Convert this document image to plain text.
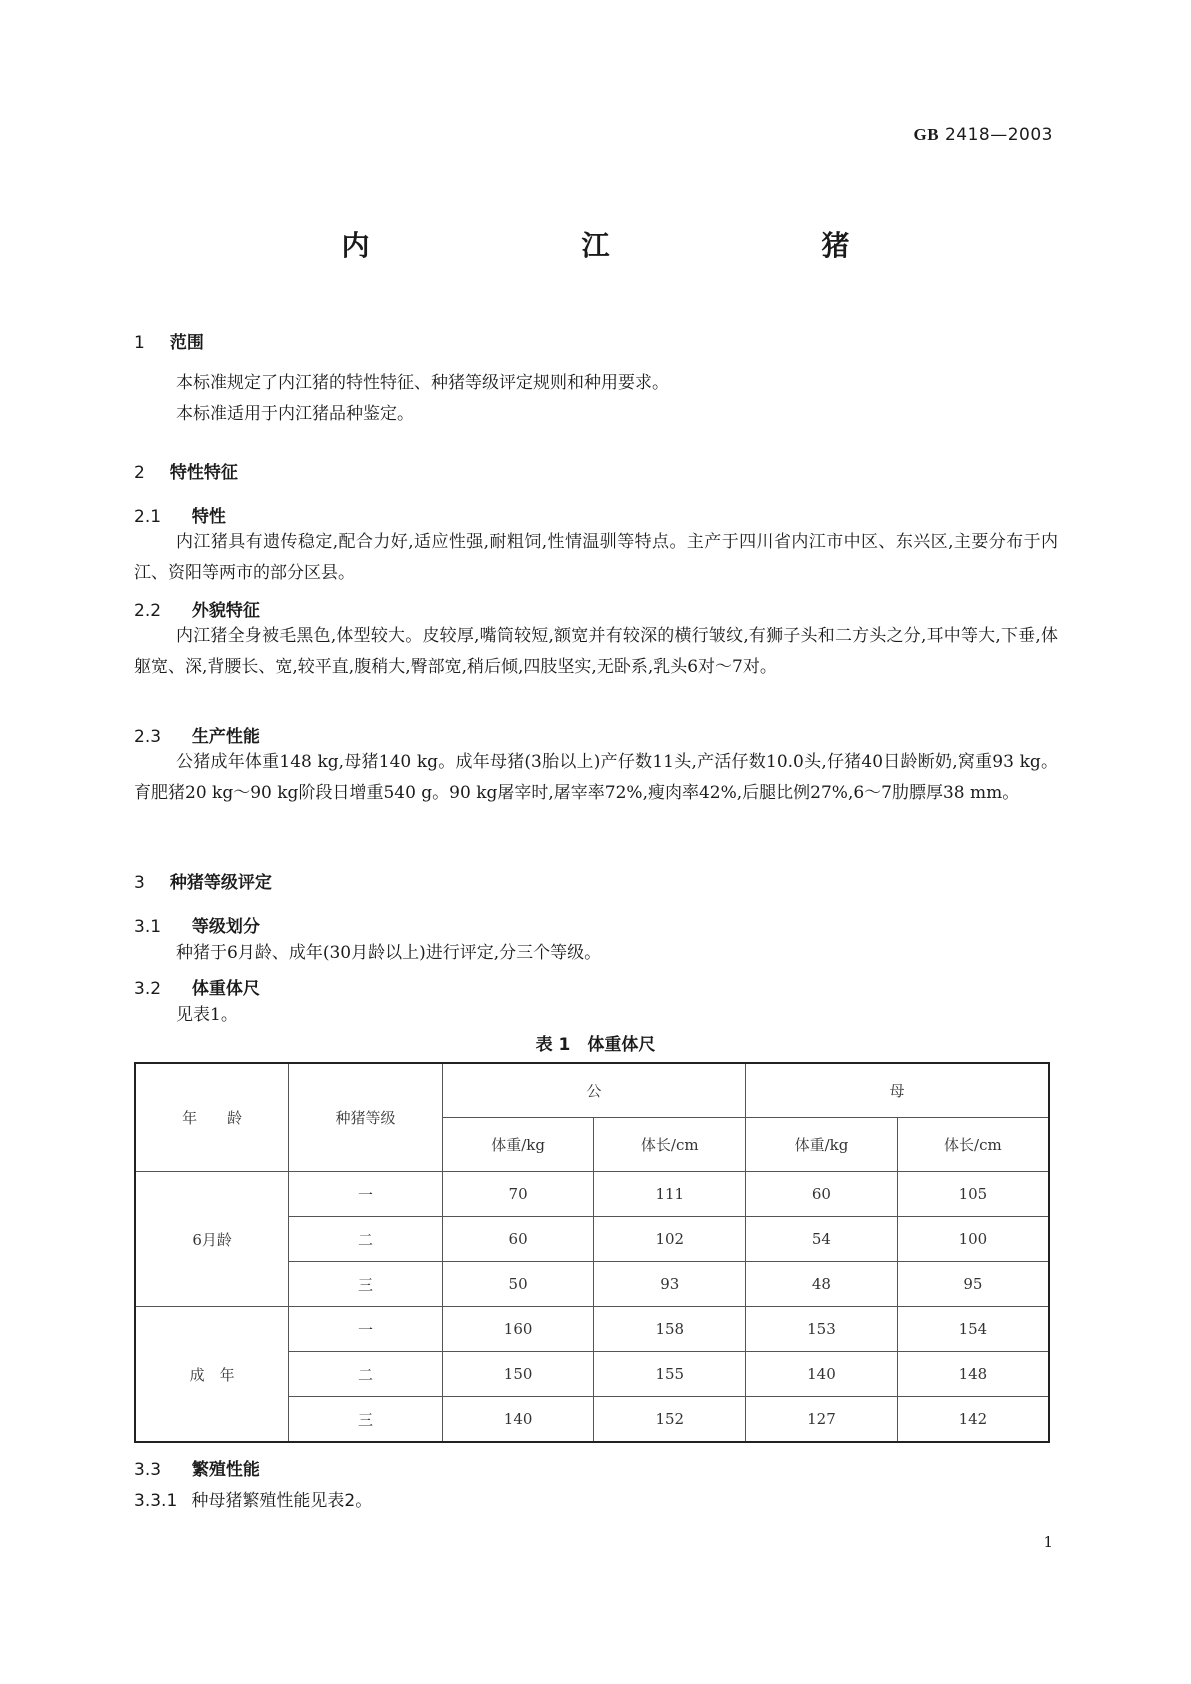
GB 2418—2003
内　江　猪
1 范围
本标准规定了内江猪的特性特征、种猪等级评定规则和种用要求。
本标准适用于内江猪品种鉴定。
2 特性特征
2.1 特性
内江猪具有遗传稳定,配合力好,适应性强,耐粗饲,性情温驯等特点。主产于四川省内江市中区、东兴区,主要分布于内江、资阳等两市的部分区县。
2.2 外貌特征
内江猪全身被毛黑色,体型较大。皮较厚,嘴筒较短,额宽并有较深的横行皱纹,有狮子头和二方头之分,耳中等大,下垂,体躯宽、深,背腰长、宽,较平直,腹稍大,臀部宽,稍后倾,四肢坚实,无卧系,乳头6对～7对。
2.3 生产性能
公猪成年体重148 kg,母猪140 kg。成年母猪(3胎以上)产仔数11头,产活仔数10.0头,仔猪40日龄断奶,窝重93 kg。育肥猪20 kg～90 kg阶段日增重540 g。90 kg屠宰时,屠宰率72%,瘦肉率42%,后腿比例27%,6～7肋膘厚38 mm。
3 种猪等级评定
3.1 等级划分
种猪于6月龄、成年(30月龄以上)进行评定,分三个等级。
3.2 体重体尺
见表1。
表 1　体重体尺
年　　龄	种猪等级	公		母	
		体重/kg	体长/cm	体重/kg	体长/cm
6月龄	一	70	111	60	105
	二	60	102	54	100
	三	50	93	48	95
成　年	一	160	158	153	154
	二	150	155	140	148
	三	140	152	127	142
3.3 繁殖性能
3.3.1 种母猪繁殖性能见表2。
1
